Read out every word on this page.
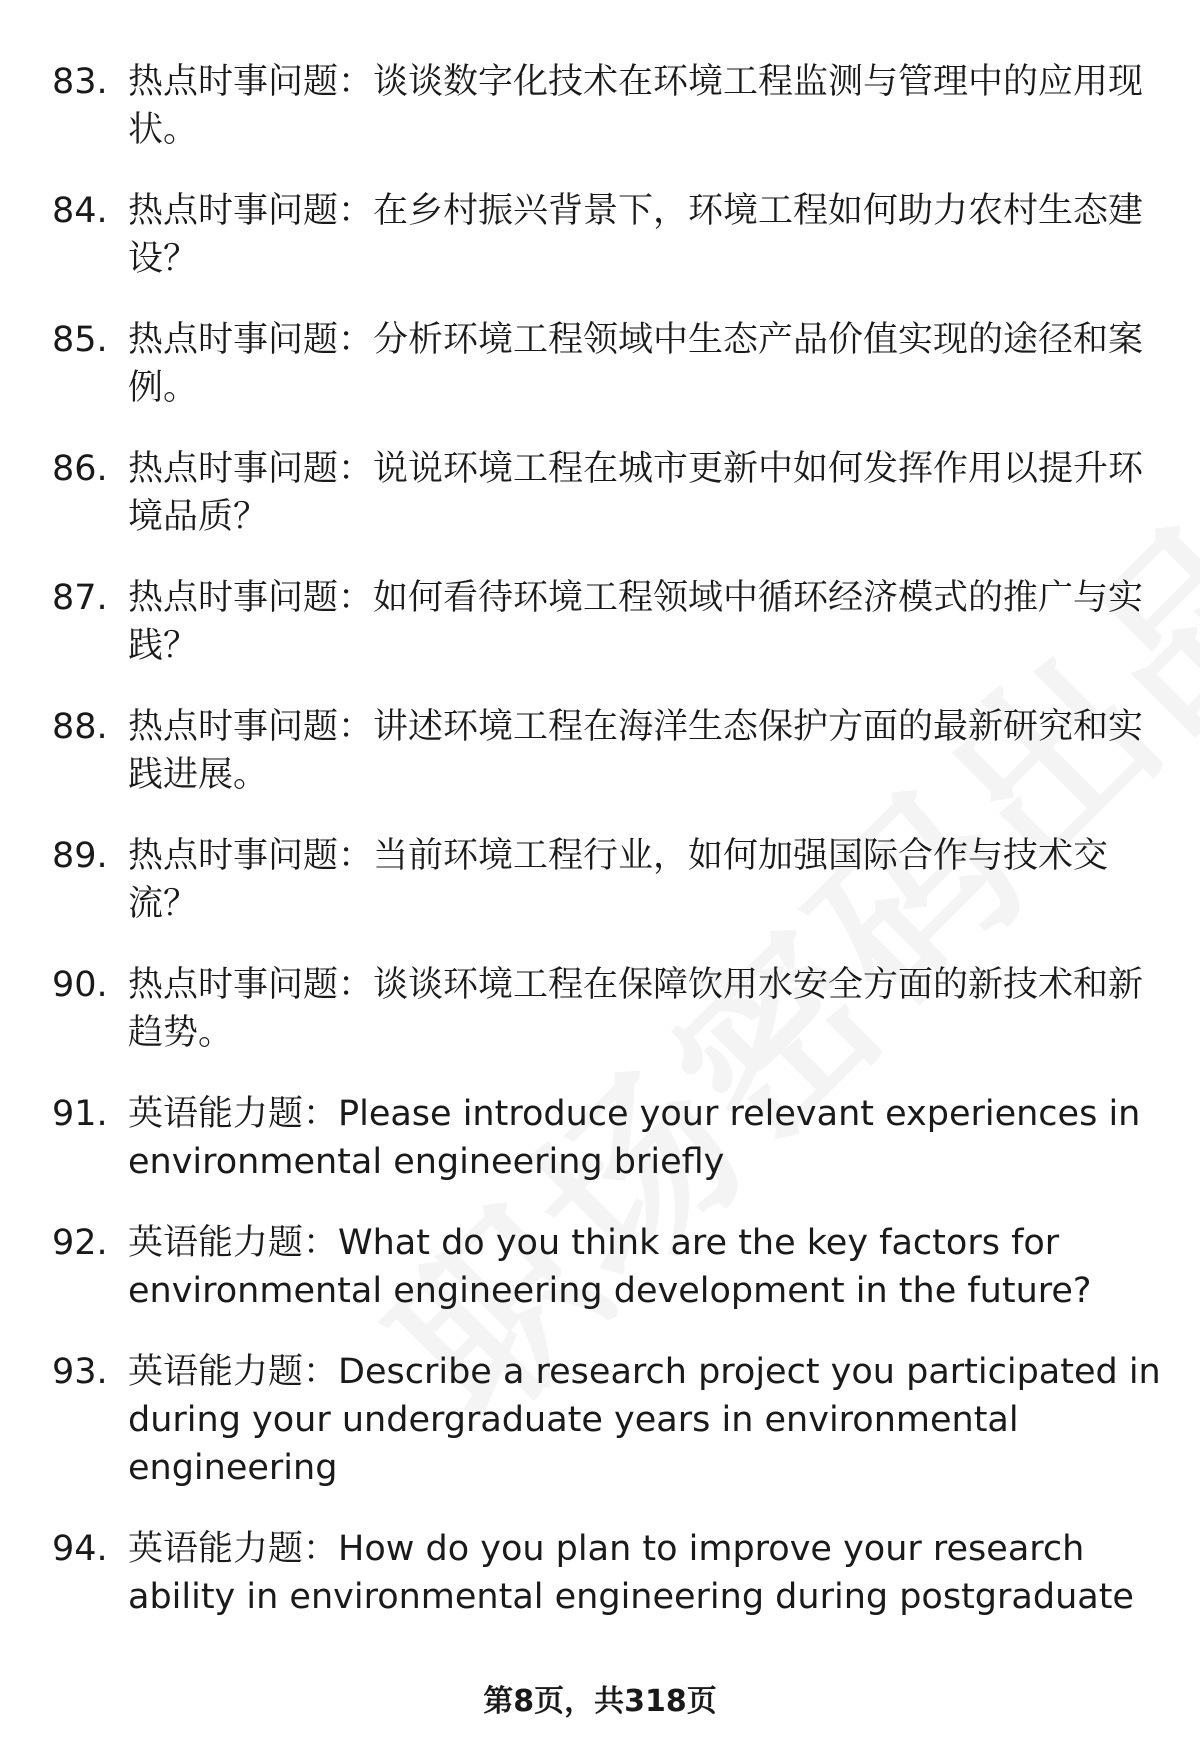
83. 热点时事问题：谈谈数字化技术在环境工程监测与管理中的应用现状。
84. 热点时事问题：在乡村振兴背景下，环境工程如何助力农村生态建设？
85. 热点时事问题：分析环境工程领域中生态产品价值实现的途径和案例。
86. 热点时事问题：说说环境工程在城市更新中如何发挥作用以提升环境品质？
87. 热点时事问题：如何看待环境工程领域中循环经济模式的推广与实践？
88. 热点时事问题：讲述环境工程在海洋生态保护方面的最新研究和实践进展。
89. 热点时事问题：当前环境工程行业，如何加强国际合作与技术交流？
90. 热点时事问题：谈谈环境工程在保障饮用水安全方面的新技术和新趋势。
91. 英语能力题：Please introduce your relevant experiences in environmental engineering briefly
92. 英语能力题：What do you think are the key factors for environmental engineering development in the future?
93. 英语能力题：Describe a research project you participated in during your undergraduate years in environmental engineering
94. 英语能力题：How do you plan to improve your research ability in environmental engineering during postgraduate
第8页，共318页
